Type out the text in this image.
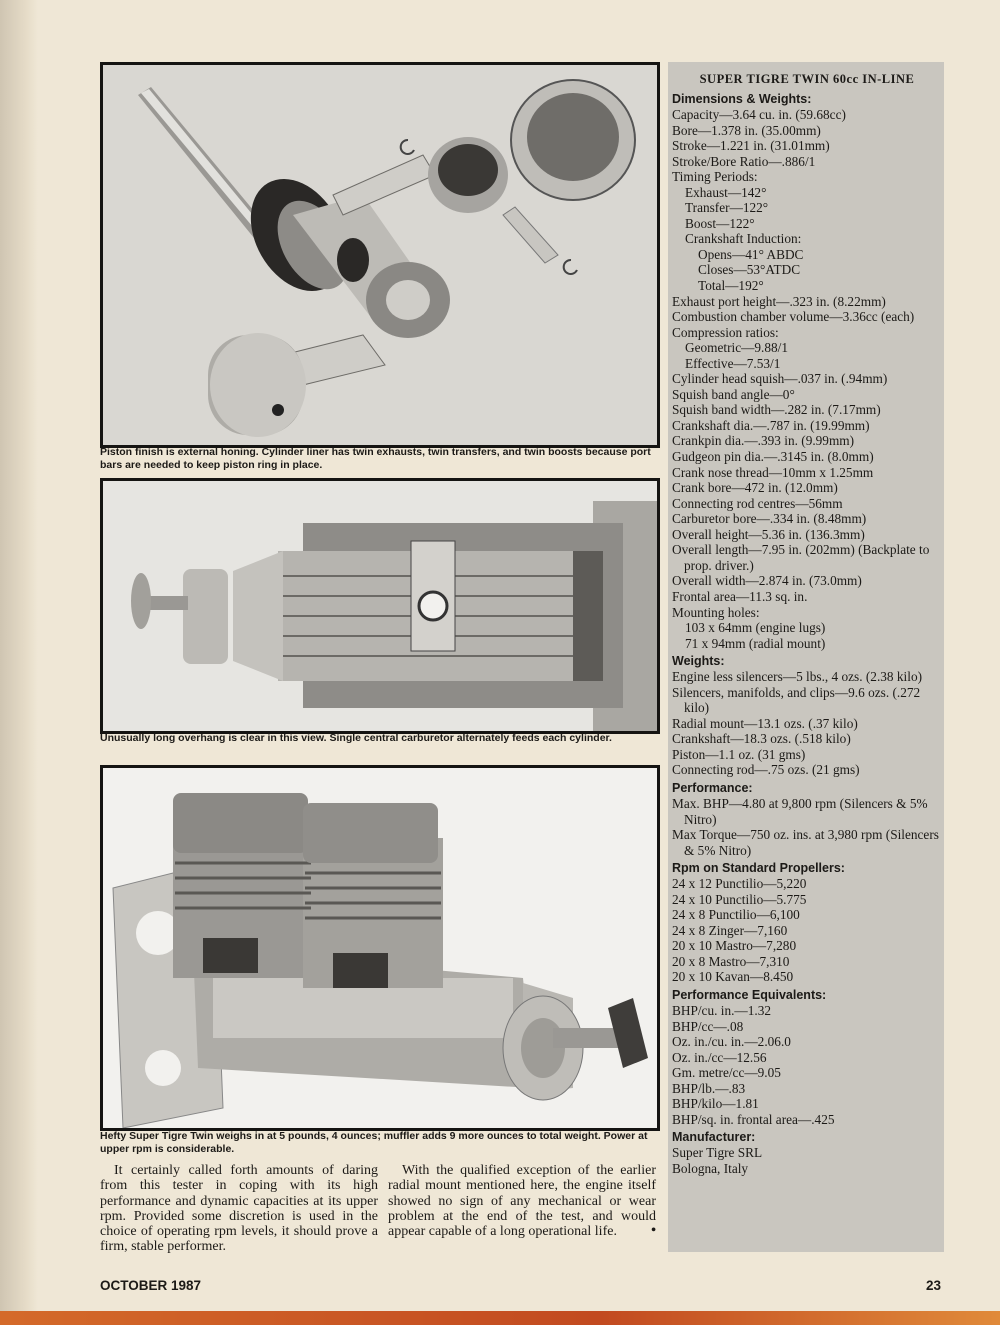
Piston finish is external honing. Cylinder liner has twin exhausts, twin transfers, and twin boosts because port bars are needed to keep piston ring in place.
Unusually long overhang is clear in this view. Single central carburetor alternately feeds each cylinder.
Hefty Super Tigre Twin weighs in at 5 pounds, 4 ounces; muffler adds 9 more ounces to total weight. Power at upper rpm is considerable.

It certainly called forth amounts of daring from this tester in coping with its high performance and dynamic capacities at its upper rpm. Provided some discretion is used in the choice of operating rpm levels, it should prove a firm, stable performer.

With the qualified exception of the earlier radial mount mentioned here, the engine itself showed no sign of any mechanical or wear problem at the end of the test, and would appear capable of a long operational life.	•
SUPER TIGRE TWIN 60cc IN-LINE
Dimensions & Weights:
Capacity—3.64 cu. in. (59.68cc)
Bore—1.378 in. (35.00mm)
Stroke—1.221 in. (31.01mm)
Stroke/Bore Ratio—.886/1
Timing Periods:
Exhaust—142°
Transfer—122°
Boost—122°
Crankshaft Induction:
Opens—41° ABDC
Closes—53°ATDC
Total—192°
Exhaust port height—.323 in. (8.22mm)
Combustion chamber volume—3.36cc (each)
Compression ratios:
Geometric—9.88/1
Effective—7.53/1
Cylinder head squish—.037 in. (.94mm)
Squish band angle—0°
Squish band width—.282 in. (7.17mm)
Crankshaft dia.—.787 in. (19.99mm)
Crankpin dia.—.393 in. (9.99mm)
Gudgeon pin dia.—.3145 in. (8.0mm)
Crank nose thread—10mm x 1.25mm
Crank bore—472 in. (12.0mm)
Connecting rod centres—56mm
Carburetor bore—.334 in. (8.48mm)
Overall height—5.36 in. (136.3mm)
Overall length—7.95 in. (202mm) (Backplate to prop. driver.)
Overall width—2.874 in. (73.0mm)
Frontal area—11.3 sq. in.
Mounting holes:
103 x 64mm (engine lugs)
71 x 94mm (radial mount)
Weights:
Engine less silencers—5 lbs., 4 ozs. (2.38 kilo)
Silencers, manifolds, and clips—9.6 ozs. (.272 kilo)
Radial mount—13.1 ozs. (.37 kilo)
Crankshaft—18.3 ozs. (.518 kilo)
Piston—1.1 oz. (31 gms)
Connecting rod—.75 ozs. (21 gms)
Performance:
Max. BHP—4.80 at 9,800 rpm (Silencers & 5% Nitro)
Max Torque—750 oz. ins. at 3,980 rpm (Silencers & 5% Nitro)
Rpm on Standard Propellers:
24 x 12 Punctilio—5,220
24 x 10 Punctilio—5.775
24 x 8 Punctilio—6,100
24 x 8 Zinger—7,160
20 x 10 Mastro—7,280
20 x 8 Mastro—7,310
20 x 10 Kavan—8.450
Performance Equivalents:
BHP/cu. in.—1.32
BHP/cc—.08
Oz. in./cu. in.—2.06.0
Oz. in./cc—12.56
Gm. metre/cc—9.05
BHP/lb.—.83
BHP/kilo—1.81
BHP/sq. in. frontal area—.425
Manufacturer:
Super Tigre SRL
Bologna, Italy
OCTOBER 1987	23
